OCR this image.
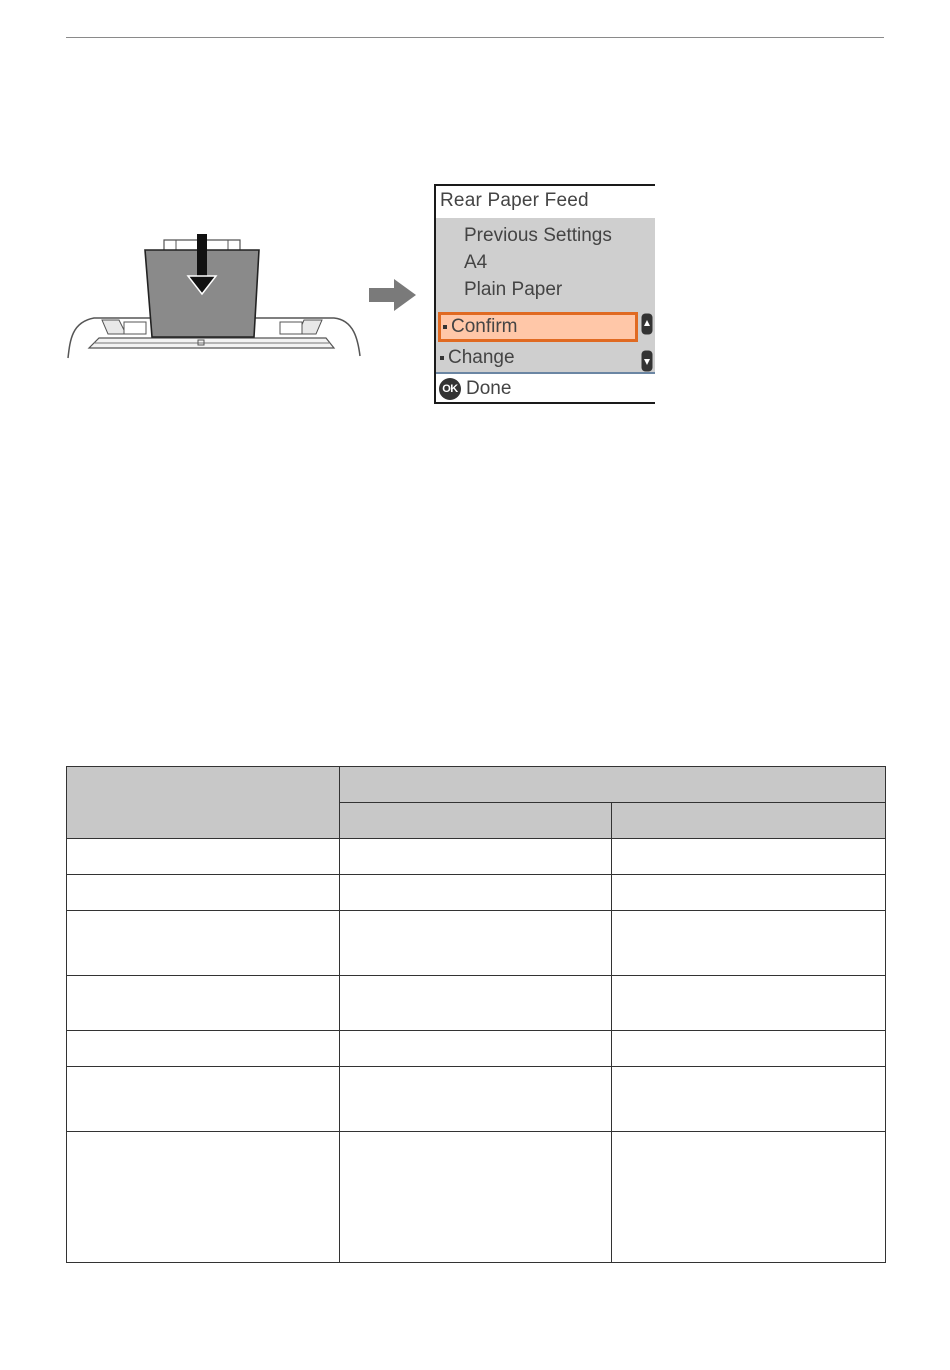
Rear Paper Feed
Previous Settings
A4
Plain Paper
Confirm
Change
OK Done
